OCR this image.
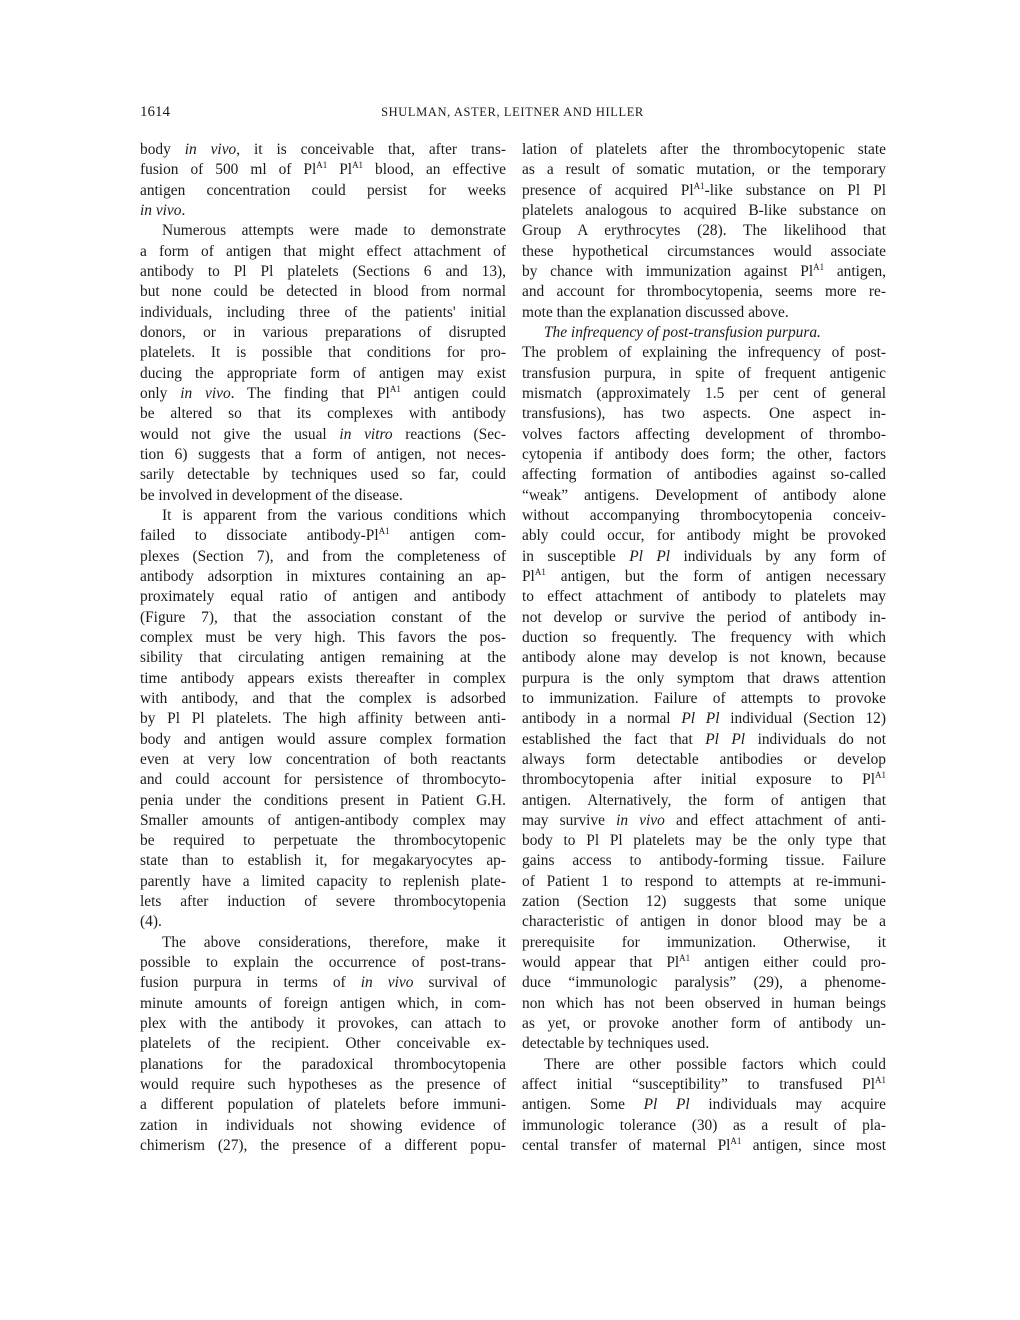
1614	SHULMAN, ASTER, LEITNER AND HILLER
body in vivo, it is conceivable that, after trans-
fusion of 500 ml of $Pl^{A1}$ $Pl^{A1}$ blood, an effective
antigen concentration could persist for weeks
in vivo.
Numerous attempts were made to demonstrate
a form of antigen that might effect attachment of
antibody to Pl Pl platelets (Sections 6 and 13),
but none could be detected in blood from normal
individuals, including three of the patients' initial
donors, or in various preparations of disrupted
platelets. It is possible that conditions for pro-
ducing the appropriate form of antigen may exist
only in vivo. The finding that $Pl^{A1}$ antigen could
be altered so that its complexes with antibody
would not give the usual in vitro reactions (Sec-
tion 6) suggests that a form of antigen, not neces-
sarily detectable by techniques used so far, could
be involved in development of the disease.
It is apparent from the various conditions which
failed to dissociate antibody-$Pl^{A1}$ antigen com-
plexes (Section 7), and from the completeness of
antibody adsorption in mixtures containing an ap-
proximately equal ratio of antigen and antibody
(Figure 7), that the association constant of the
complex must be very high. This favors the pos-
sibility that circulating antigen remaining at the
time antibody appears exists thereafter in complex
with antibody, and that the complex is adsorbed
by Pl Pl platelets. The high affinity between anti-
body and antigen would assure complex formation
even at very low concentration of both reactants
and could account for persistence of thrombocyto-
penia under the conditions present in Patient G.H.
Smaller amounts of antigen-antibody complex may
be required to perpetuate the thrombocytopenic
state than to establish it, for megakaryocytes ap-
parently have a limited capacity to replenish plate-
lets after induction of severe thrombocytopenia
(4).
The above considerations, therefore, make it
possible to explain the occurrence of post-trans-
fusion purpura in terms of in vivo survival of
minute amounts of foreign antigen which, in com-
plex with the antibody it provokes, can attach to
platelets of the recipient. Other conceivable ex-
planations for the paradoxical thrombocytopenia
would require such hypotheses as the presence of
a different population of platelets before immuni-
zation in individuals not showing evidence of
chimerism (27), the presence of a different popu-
lation of platelets after the thrombocytopenic state
as a result of somatic mutation, or the temporary
presence of acquired $Pl^{A1}$-like substance on Pl Pl
platelets analogous to acquired B-like substance on
Group A erythrocytes (28). The likelihood that
these hypothetical circumstances would associate
by chance with immunization against $Pl^{A1}$ antigen,
and account for thrombocytopenia, seems more re-
mote than the explanation discussed above.
The infrequency of post-transfusion purpura.
The problem of explaining the infrequency of post-
transfusion purpura, in spite of frequent antigenic
mismatch (approximately 1.5 per cent of general
transfusions), has two aspects. One aspect in-
volves factors affecting development of thrombo-
cytopenia if antibody does form; the other, factors
affecting formation of antibodies against so-called
“weak” antigens. Development of antibody alone
without accompanying thrombocytopenia conceiv-
ably could occur, for antibody might be provoked
in susceptible Pl Pl individuals by any form of
$Pl^{A1}$ antigen, but the form of antigen necessary
to effect attachment of antibody to platelets may
not develop or survive the period of antibody in-
duction so frequently. The frequency with which
antibody alone may develop is not known, because
purpura is the only symptom that draws attention
to immunization. Failure of attempts to provoke
antibody in a normal Pl Pl individual (Section 12)
established the fact that Pl Pl individuals do not
always form detectable antibodies or develop
thrombocytopenia after initial exposure to $Pl^{A1}$
antigen. Alternatively, the form of antigen that
may survive in vivo and effect attachment of anti-
body to Pl Pl platelets may be the only type that
gains access to antibody-forming tissue. Failure
of Patient 1 to respond to attempts at re-immuni-
zation (Section 12) suggests that some unique
characteristic of antigen in donor blood may be a
prerequisite for immunization. Otherwise, it
would appear that $Pl^{A1}$ antigen either could pro-
duce “immunologic paralysis” (29), a phenome-
non which has not been observed in human beings
as yet, or provoke another form of antibody un-
detectable by techniques used.
There are other possible factors which could
affect initial “susceptibility” to transfused $Pl^{A1}$
antigen. Some Pl Pl individuals may acquire
immunologic tolerance (30) as a result of pla-
cental transfer of maternal $Pl^{A1}$ antigen, since most
